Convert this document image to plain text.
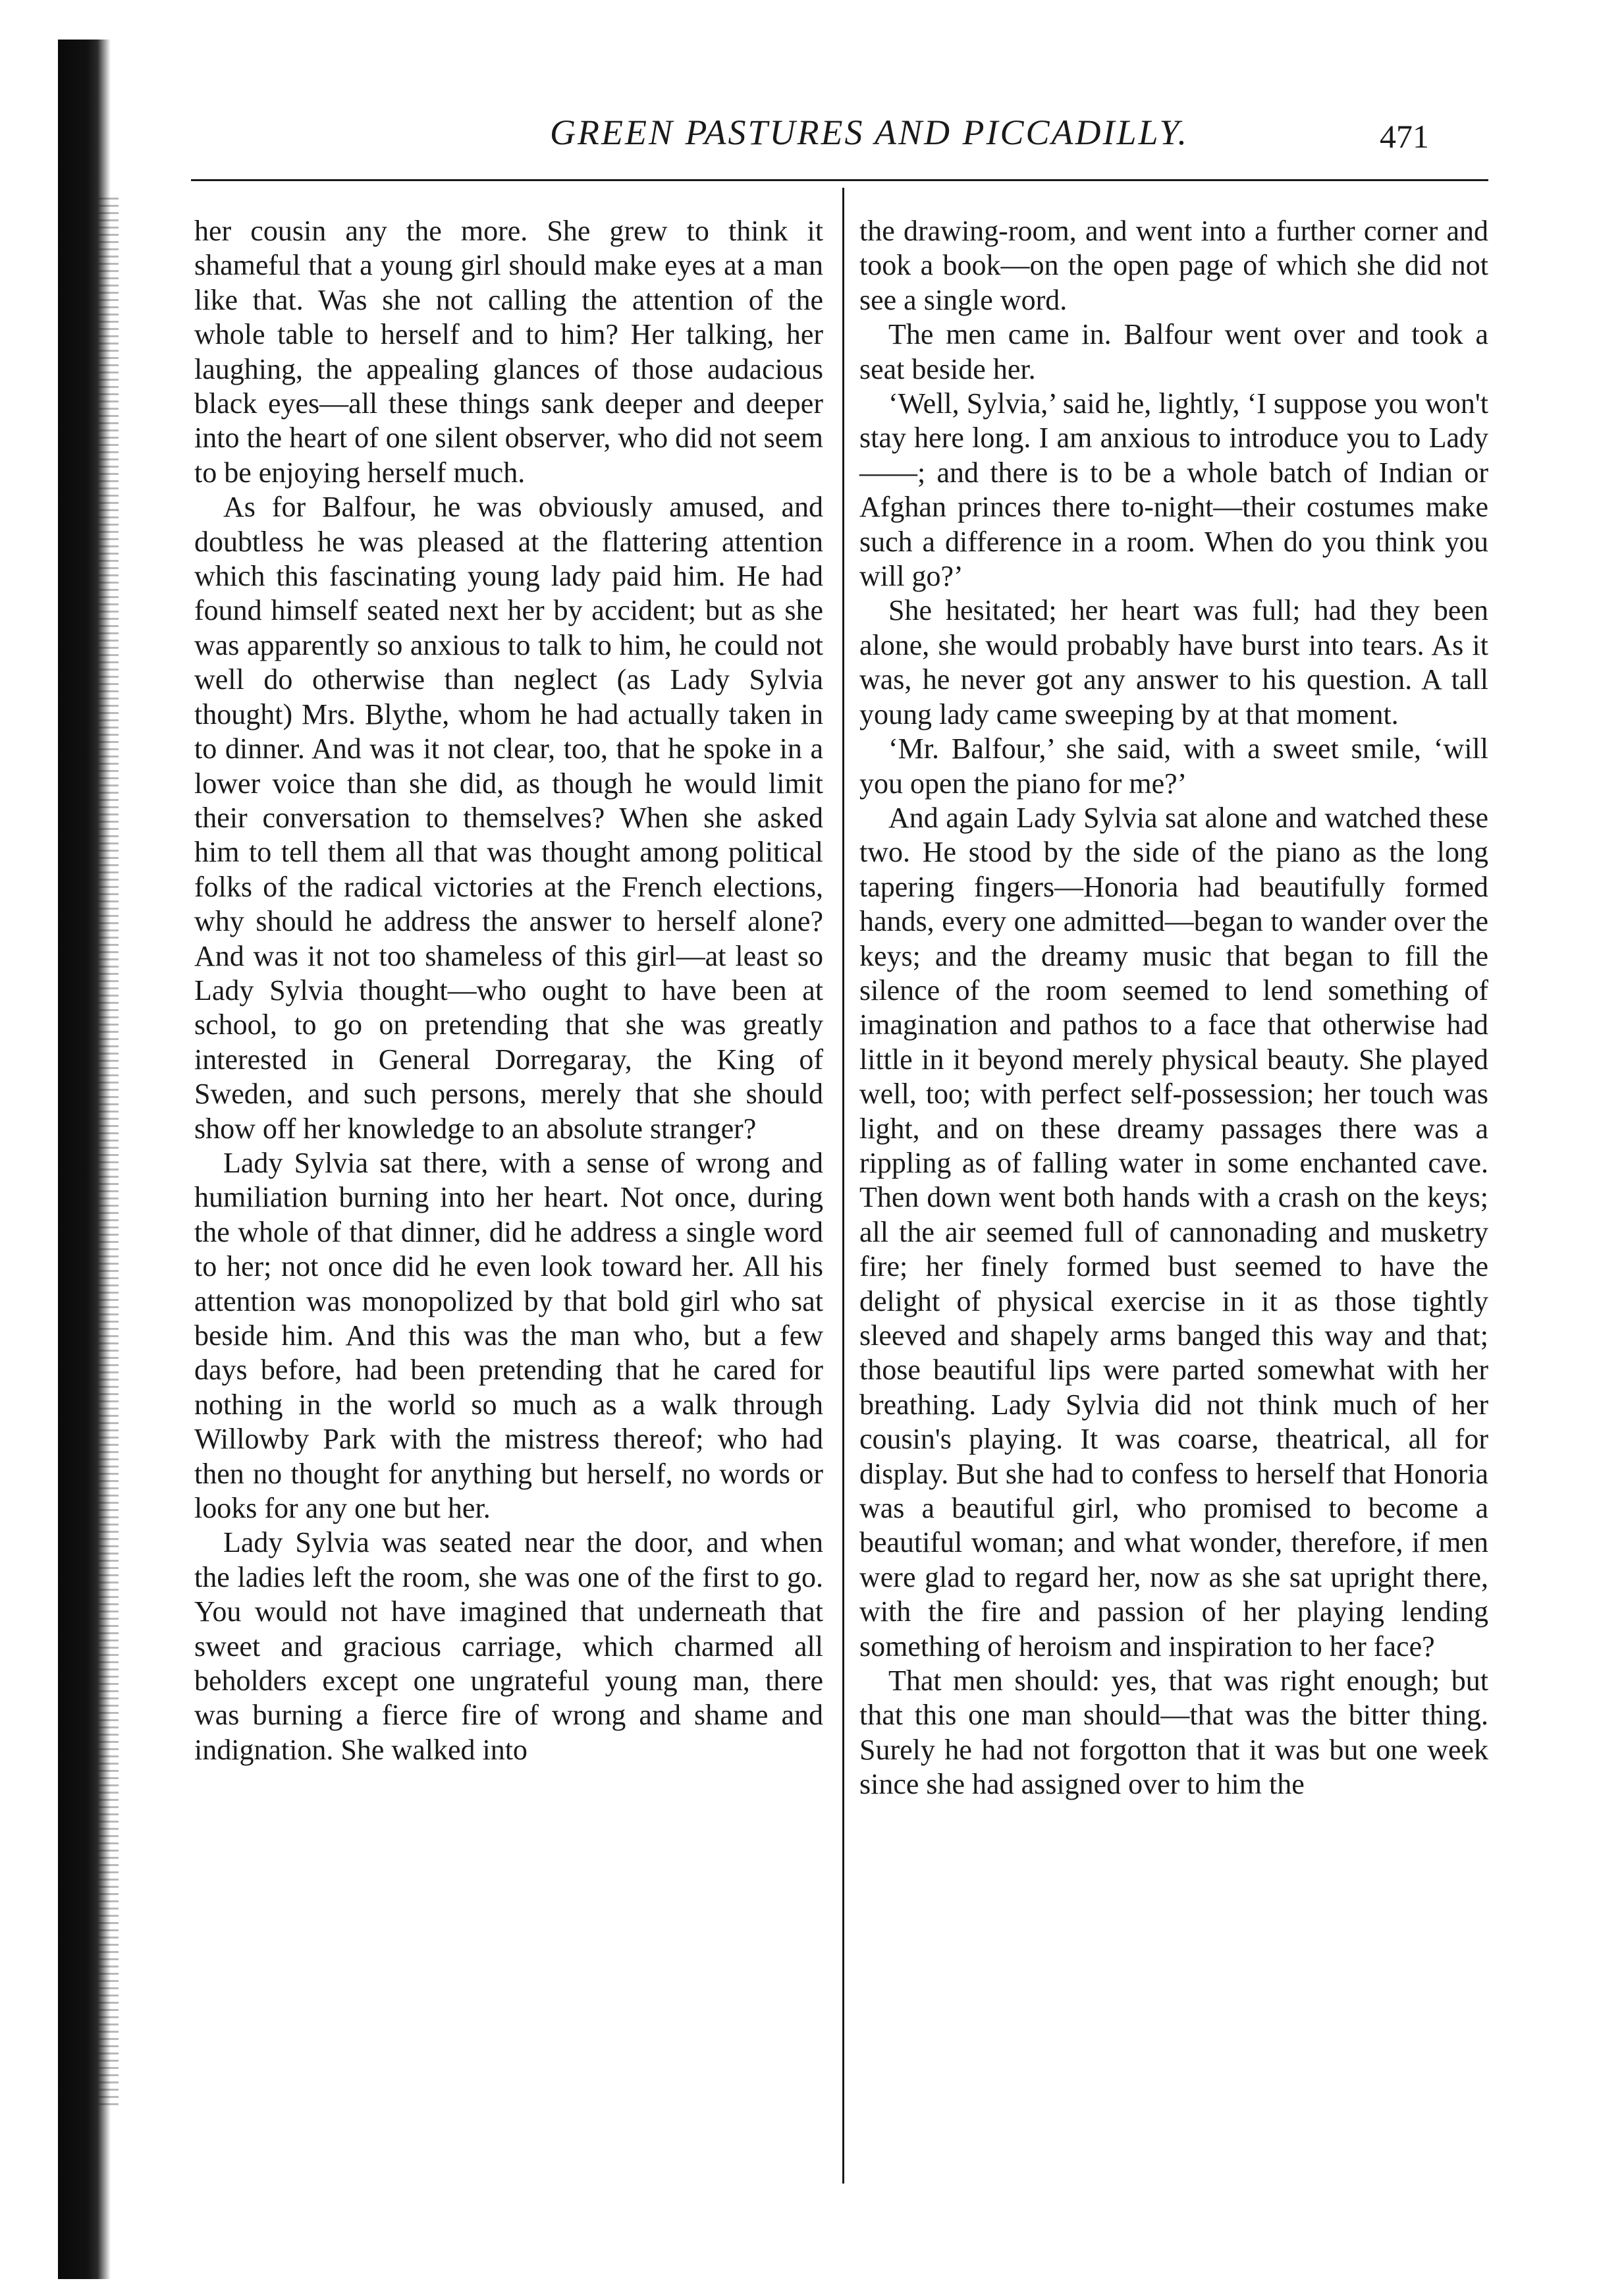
GREEN PASTURES AND PICCADILLY.	471

her cousin any the more. She grew to think it shameful that a young girl should make eyes at a man like that. Was she not calling the attention of the whole table to herself and to him? Her talking, her laughing, the appealing glances of those audacious black eyes—all these things sank deeper and deeper into the heart of one silent observer, who did not seem to be enjoying herself much.

As for Balfour, he was obviously amused, and doubtless he was pleased at the flattering attention which this fascinating young lady paid him. He had found himself seated next her by accident; but as she was apparently so anxious to talk to him, he could not well do otherwise than neglect (as Lady Sylvia thought) Mrs. Blythe, whom he had actually taken in to dinner. And was it not clear, too, that he spoke in a lower voice than she did, as though he would limit their conversation to themselves? When she asked him to tell them all that was thought among political folks of the radical victories at the French elections, why should he address the answer to herself alone? And was it not too shameless of this girl—at least so Lady Sylvia thought—who ought to have been at school, to go on pretending that she was greatly interested in General Dorregaray, the King of Sweden, and such persons, merely that she should show off her knowledge to an absolute stranger?

Lady Sylvia sat there, with a sense of wrong and humiliation burning into her heart. Not once, during the whole of that dinner, did he address a single word to her; not once did he even look toward her. All his attention was monopolized by that bold girl who sat beside him. And this was the man who, but a few days before, had been pretending that he cared for nothing in the world so much as a walk through Willowby Park with the mistress thereof; who had then no thought for anything but herself, no words or looks for any one but her.

Lady Sylvia was seated near the door, and when the ladies left the room, she was one of the first to go. You would not have imagined that underneath that sweet and gracious carriage, which charmed all beholders except one ungrateful young man, there was burning a fierce fire of wrong and shame and indignation. She walked into

the drawing-room, and went into a further corner and took a book—on the open page of which she did not see a single word.

The men came in. Balfour went over and took a seat beside her.

‘Well, Sylvia,’ said he, lightly, ‘I suppose you won't stay here long. I am anxious to introduce you to Lady ——; and there is to be a whole batch of Indian or Afghan princes there to-night—their costumes make such a difference in a room. When do you think you will go?’

She hesitated; her heart was full; had they been alone, she would probably have burst into tears. As it was, he never got any answer to his question. A tall young lady came sweeping by at that moment.

‘Mr. Balfour,’ she said, with a sweet smile, ‘will you open the piano for me?’

And again Lady Sylvia sat alone and watched these two. He stood by the side of the piano as the long tapering fingers—Honoria had beautifully formed hands, every one admitted—began to wander over the keys; and the dreamy music that began to fill the silence of the room seemed to lend something of imagination and pathos to a face that otherwise had little in it beyond merely physical beauty. She played well, too; with perfect self-possession; her touch was light, and on these dreamy passages there was a rippling as of falling water in some enchanted cave. Then down went both hands with a crash on the keys; all the air seemed full of cannonading and musketry fire; her finely formed bust seemed to have the delight of physical exercise in it as those tightly sleeved and shapely arms banged this way and that; those beautiful lips were parted somewhat with her breathing. Lady Sylvia did not think much of her cousin's playing. It was coarse, theatrical, all for display. But she had to confess to herself that Honoria was a beautiful girl, who promised to become a beautiful woman; and what wonder, therefore, if men were glad to regard her, now as she sat upright there, with the fire and passion of her playing lending something of heroism and inspiration to her face?

That men should: yes, that was right enough; but that this one man should—that was the bitter thing. Surely he had not forgotton that it was but one week since she had assigned over to him the
